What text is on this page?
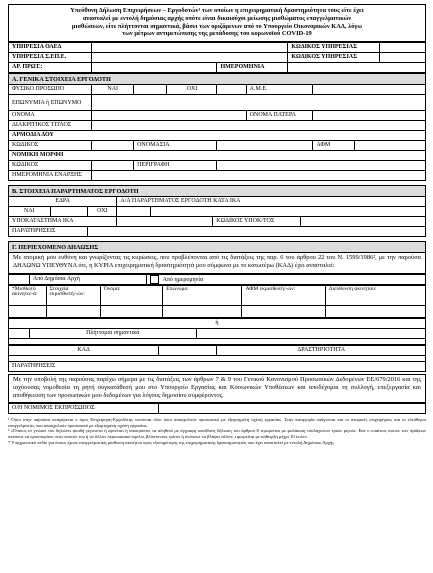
Υπεύθυνη Δήλωση Επιχειρήσεων – Εργοδοτών¹ των οποίων η επιχειρηματική δραστηριότητα τους είτε έχει
ανασταλεί με εντολή δημόσιας αρχής οπότε είναι δικαιούχοι μείωσης μισθώματος επαγγελματικών
μισθώσεων, είτε πλήττονται σημαντικά, βάσει των οριζόμενων από το Υπουργείο Οικονομικών ΚΑΔ, λόγω
των μέτρων αντιμετώπισης της μετάδοσης του κορωνοϊού COVID-19
ΥΠΗΡΕΣΙΑ ΟΑΕΔ			ΚΩΔΙΚΟΣ ΥΠΗΡΕΣΙΑΣ	
ΥΠΗΡΕΣΙΑ Σ.ΕΠ.Ε.			ΚΩΔΙΚΟΣ ΥΠΗΡΕΣΙΑΣ	
ΑΡ. ΠΡΩΤ.:		ΗΜΕΡΟΜΗΝΙΑ		
Α. ΓΕΝΙΚΑ ΣΤΟΙΧΕΙΑ ΕΡΓΟΔΟΤΗ							
ΦΥΣΙΚΟ ΠΡΟΣΩΠΟ	ΝΑΙ		ΟΧΙ		Α.Μ.Ε.		
ΕΠΩΝΥΜΙΑ ή ΕΠΩΝΥΜΟ							
ΟΝΟΜΑ					ΟΝΟΜΑ ΠΑΤΕΡΑ		
ΔΙΑΚΡΙΤΙΚΟΣ ΤΙΤΛΟΣ							
ΑΡΜΟΔΙΑ ΔΟΥ							
ΚΩΔΙΚΟΣ		ΟΝΟΜΑΣΙΑ				ΑΦΜ	
ΝΟΜΙΚΗ ΜΟΡΦΗ							
ΚΩΔΙΚΟΣ		ΠΕΡΙΓΡΑΦΗ					
ΗΜΕΡΟΜΗΝΙΑ ΕΝΑΡΞΗΣ							
Β. ΣΤΟΙΧΕΙΑ ΠΑΡΑΡΤΗΜΑΤΟΣ ΕΡΓΟΔΟΤΗ						
ΕΔΡΑ			Α/Α ΠΑΡΑΡΤΗΜΑΤΟΣ ΕΡΓΟΔΟΤΗ ΚΑΤΑ ΙΚΑ			
ΝΑΙ		ΟΧΙ				
ΥΠΟΚΑΤΑΣΤΗΜΑ ΙΚΑ					ΚΩΔΙΚΟΣ ΥΠΟΚ/ΤΟΣ	
ΠΑΡΑΤΗΡΗΣΕΙΣ						
Γ. ΠΕΡΙΕΧΟΜΕΝΟ ΔΗΛΩΣΗΣ
Με ατομική μου ευθύνη και γνωρίζοντας τις κυρώσεις, που προβλέπονται από τις διατάξεις της παρ. 6 του άρθρου 22 του Ν. 1599/1986², με την παρούσα ΔΗΛΩΝΩ ΥΠΕΥΘΥΝΑ ότι, η ΚΥΡΙΑ επιχειρηματική δραστηριότητά μου σύμφωνα με το κατωτέρω (ΚΑΔ) έχει ανασταλεί:
	Από Δημόσια Αρχή	Από ημερομηνία
*Μισθωτό ακίνητο/-α:	Στοιχεία εκμισθωτή/-ών:	Όνομα:	Επώνυμο:	ΑΦΜ εκμισθωτή/-ών:	Διεύθυνση ακινήτου:

ή
	Πλήττομαι σημαντικά	

ΚΑΔ		ΔΡΑΣΤΗΡΙΟΤΗΤΑ

ΠΑΡΑΤΗΡΗΣΕΙΣ
Με την υποβολή της παρούσας παρέχω σήμερα με τις διατάξεις των άρθρων 7 & 9 του Γενικού Κανονισμού Προσωπικών Δεδομένων ΕΕ/679/2016 και της ισχύουσας νομοθεσία τη ρητή συγκατάθεσή μου στο Υπουργείο Εργασίας και Κοινωνικών Υποθέσεων και αποδέχομαι τη συλλογή, επεξεργασία και αποθήκευση των προσωπικών μου δεδομένων για λόγους δημοσίου συμφέροντος.
Ο/Η ΝΟΜΙΜΟΣ ΕΚΠΡΟΣΩΠΟΣ	
¹ Όσοι στην παρούσα αναφέρεται ο όρος Επιχείρηση-Εργοδότης νοούνται όλοι όσοι απασχολούν προσωπικό με εξαρτημένη σχέση εργασίας. Στην κατηγορία υπάγονται και οι ατομικές επιχειρήσεις και οι ελεύθεροι επαγγελματίες που απασχολούν προσωπικό με εξαρτημένη σχέση εργασίας.
² «Όποιος εν γνώσει του δηλώνει ψευδή γεγονότα ή αρνείται ή αποκρύπτει τα αληθινά με έγγραφη υπεύθυνη δήλωση του άρθρου 8 τιμωρείται με φυλάκιση τουλάχιστον τριών μηνών. Εάν ο υπαίτιος αυτών των πράξεων σκόπευε να προσπορίσει στον εαυτόν του ή σε άλλον περιουσιακό όφελος βλάπτοντας τρίτον ή σκόπευε να βλάψει άλλον, τιμωρείται με κάθειρξη μέχρι 10 ετών»
* Υποχρεωτικό πεδίο για όσους έχουν επαγγελματική μίσθωση ακινήτου προς εξυπηρέτηση της επιχειρηματικής δραστηριότητάς που έχει ανασταλεί με εντολή Δημόσιας Αρχής
